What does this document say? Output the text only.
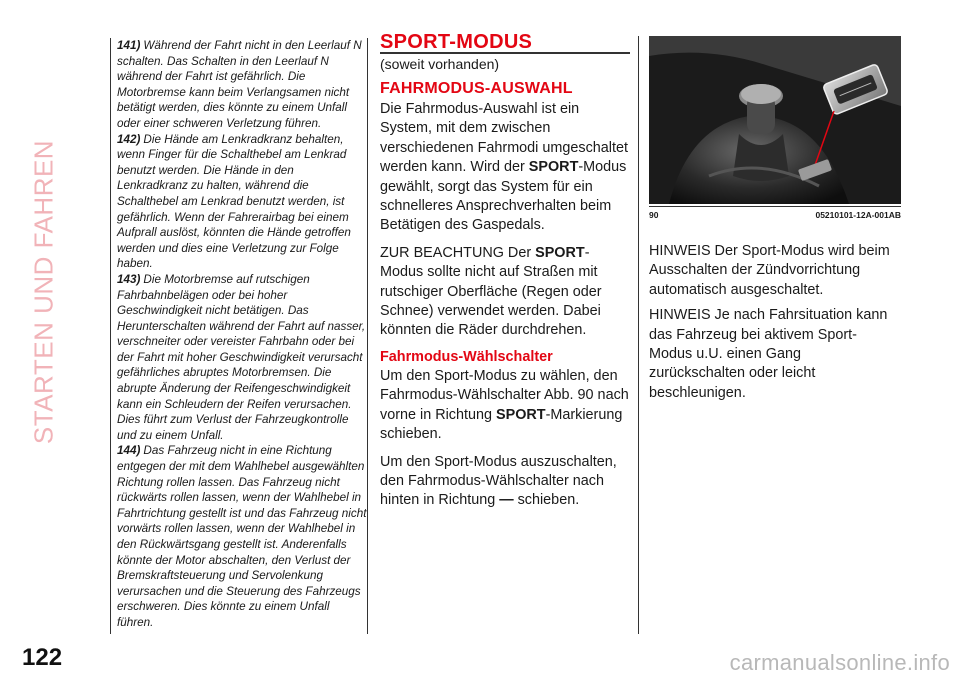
STARTEN UND FAHREN
141) Während der Fahrt nicht in den Leerlauf N schalten. Das Schalten in den Leerlauf N während der Fahrt ist gefährlich. Die Motorbremse kann beim Verlangsamen nicht betätigt werden, dies könnte zu einem Unfall oder einer schweren Verletzung führen.
142) Die Hände am Lenkradkranz behalten, wenn Finger für die Schalthebel am Lenkrad benutzt werden. Die Hände in den Lenkradkranz zu halten, während die Schalthebel am Lenkrad benutzt werden, ist gefährlich. Wenn der Fahrerairbag bei einem Aufprall auslöst, könnten die Hände getroffen werden und dies eine Verletzung zur Folge haben.
143) Die Motorbremse auf rutschigen Fahrbahnbelägen oder bei hoher Geschwindigkeit nicht betätigen. Das Herunterschalten während der Fahrt auf nasser, verschneiter oder vereister Fahrbahn oder bei der Fahrt mit hoher Geschwindigkeit verursacht gefährliches abruptes Motorbremsen. Die abrupte Änderung der Reifengeschwindigkeit kann ein Schleudern der Reifen verursachen. Dies führt zum Verlust der Fahrzeugkontrolle und zu einem Unfall.
144) Das Fahrzeug nicht in eine Richtung entgegen der mit dem Wahlhebel ausgewählten Richtung rollen lassen. Das Fahrzeug nicht rückwärts rollen lassen, wenn der Wahlhebel in Fahrtrichtung gestellt ist und das Fahrzeug nicht vorwärts rollen lassen, wenn der Wahlhebel in den Rückwärtsgang gestellt ist. Anderenfalls könnte der Motor abschalten, den Verlust der Bremskraftsteuerung und Servolenkung verursachen und die Steuerung des Fahrzeugs erschweren. Dies könnte zu einem Unfall führen.
SPORT-MODUS
(soweit vorhanden)
FAHRMODUS-AUSWAHL

Die Fahrmodus-Auswahl ist ein System, mit dem zwischen verschiedenen Fahrmodi umgeschaltet werden kann. Wird der SPORT-Modus gewählt, sorgt das System für ein schnelleres Ansprechverhalten beim Betätigen des Gaspedals.

ZUR BEACHTUNG Der SPORT-Modus sollte nicht auf Straßen mit rutschiger Oberfläche (Regen oder Schnee) verwendet werden. Dabei könnten die Räder durchdrehen.

Fahrmodus-Wählschalter

Um den Sport-Modus zu wählen, den Fahrmodus-Wählschalter Abb. 90 nach vorne in Richtung SPORT-Markierung schieben.

Um den Sport-Modus auszuschalten, den Fahrmodus-Wählschalter nach hinten in Richtung — schieben.

90	05210101-12A-001AB

HINWEIS Der Sport-Modus wird beim Ausschalten der Zündvorrichtung automatisch ausgeschaltet.

HINWEIS Je nach Fahrsituation kann das Fahrzeug bei aktivem Sport-Modus u.U. einen Gang zurückschalten oder leicht beschleunigen.

122	carmanualsonline.info
